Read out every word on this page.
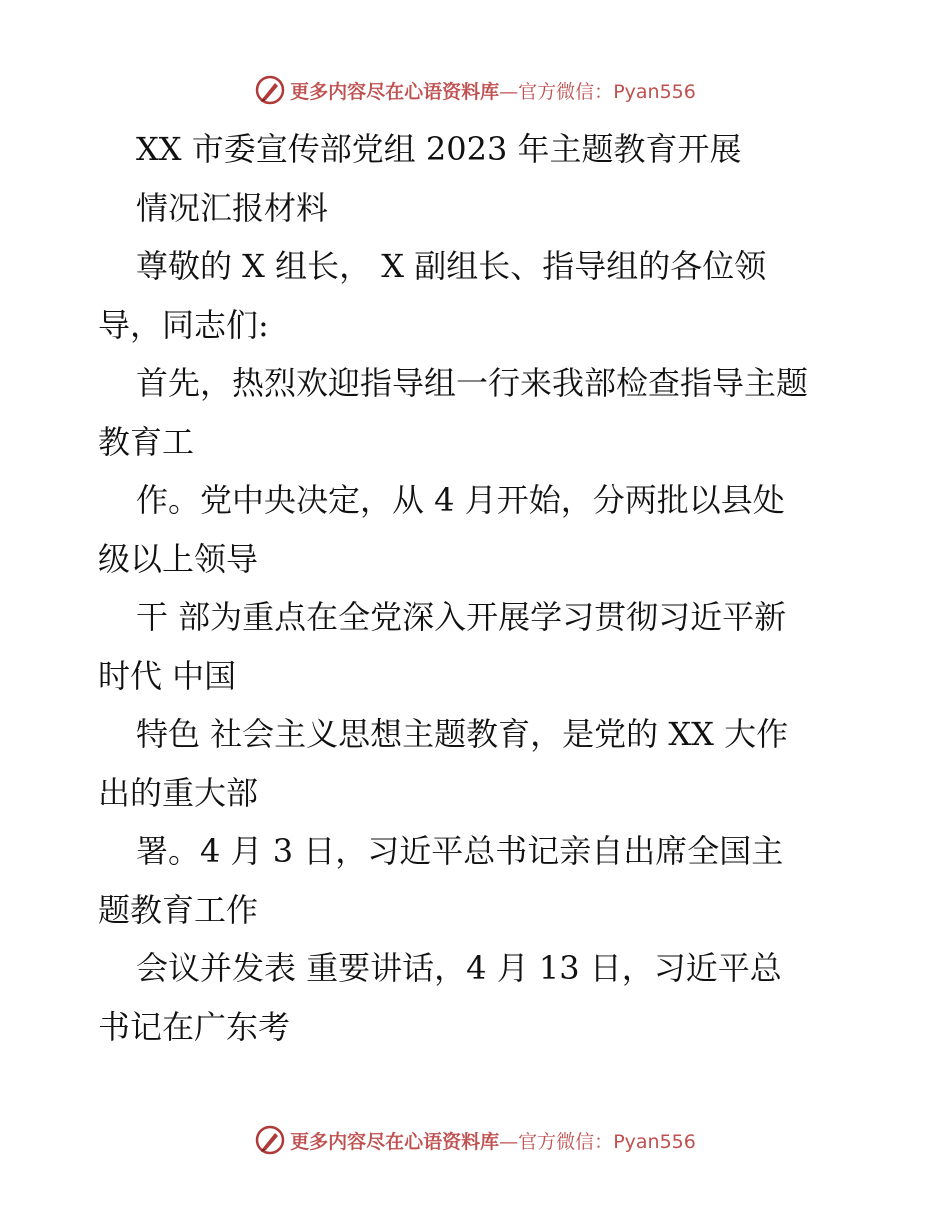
更多内容尽在心语资料库—官方微信：Pyan556
XX 市委宣传部党组 2023 年主题教育开展
情况汇报材料
尊敬的 X 组长， X 副组长、指导组的各位领
导，同志们:
首先，热烈欢迎指导组一行来我部检查指导主题
教育工
作。党中央决定，从 4 月开始，分两批以县处
级以上领导
干 部为重点在全党深入开展学习贯彻习近平新
时代 中国
特色 社会主义思想主题教育，是党的 XX 大作
出的重大部
署。4 月 3 日，习近平总书记亲自出席全国主
题教育工作
会议并发表 重要讲话，4 月 13 日，习近平总
书记在广东考
更多内容尽在心语资料库—官方微信：Pyan556
